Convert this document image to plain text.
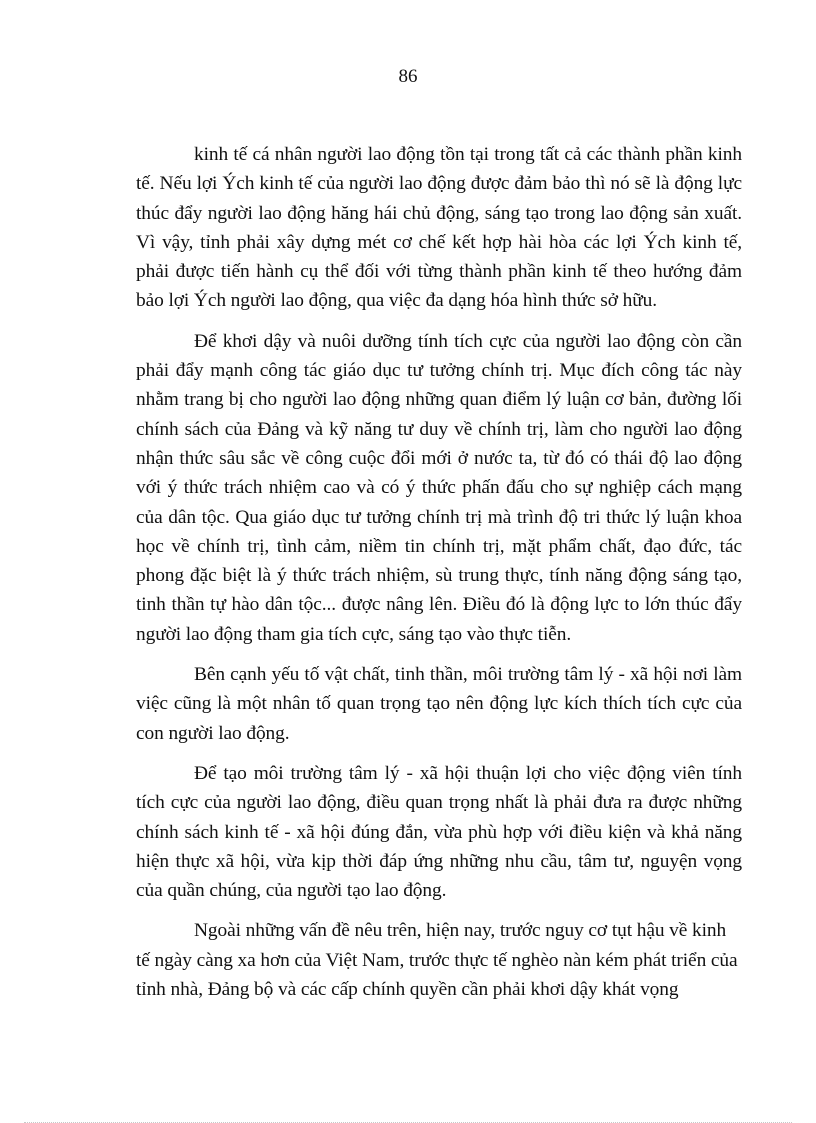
86

kinh tế cá nhân người lao động tồn tại trong tất cả các thành phần kinh tế. Nếu lợi Ých kinh tế của người lao động được đảm bảo thì nó sẽ là động lực thúc đẩy người lao động hăng hái chủ động, sáng tạo trong lao động sản xuất. Vì vậy, tỉnh phải xây dựng mét cơ chế kết hợp hài hòa các lợi Ých kinh tế, phải được tiến hành cụ thể đối với từng thành phần kinh tế theo hướng đảm bảo lợi Ých người lao động, qua việc đa dạng hóa hình thức sở hữu.

Để khơi dậy và nuôi dưỡng tính tích cực của người lao động còn cần phải đẩy mạnh công tác giáo dục tư tưởng chính trị. Mục đích công tác này nhằm trang bị cho người lao động những quan điểm lý luận cơ bản, đường lối chính sách của Đảng và kỹ năng tư duy về chính trị, làm cho người lao động nhận thức sâu sắc về công cuộc đổi mới ở nước ta, từ đó có thái độ lao động với ý thức trách nhiệm cao và có ý thức phấn đấu cho sự nghiệp cách mạng của dân tộc. Qua giáo dục tư tưởng chính trị mà trình độ tri thức lý luận khoa học về chính trị, tình cảm, niềm tin chính trị, mặt phẩm chất, đạo đức, tác phong đặc biệt là ý thức trách nhiệm, sù trung thực, tính năng động sáng tạo, tinh thần tự hào dân tộc... được nâng lên. Điều đó là động lực to lớn thúc đẩy người lao động tham gia tích cực, sáng tạo vào thực tiễn.

Bên cạnh yếu tố vật chất, tinh thần, môi trường tâm lý - xã hội nơi làm việc cũng là một nhân tố quan trọng tạo nên động lực kích thích tích cực của con người lao động.

Để tạo môi trường tâm lý - xã hội thuận lợi cho việc động viên tính tích cực của người lao động, điều quan trọng nhất là phải đưa ra được những chính sách kinh tế - xã hội đúng đắn, vừa phù hợp với điều kiện và khả năng hiện thực xã hội, vừa kịp thời đáp ứng những nhu cầu, tâm tư, nguyện vọng của quần chúng, của người tạo lao động.

Ngoài những vấn đề nêu trên, hiện nay, trước nguy cơ tụt hậu về kinh tế ngày càng xa hơn của Việt Nam, trước thực tế nghèo nàn kém phát triển của tỉnh nhà, Đảng bộ và các cấp chính quyền cần phải khơi dậy khát vọng
